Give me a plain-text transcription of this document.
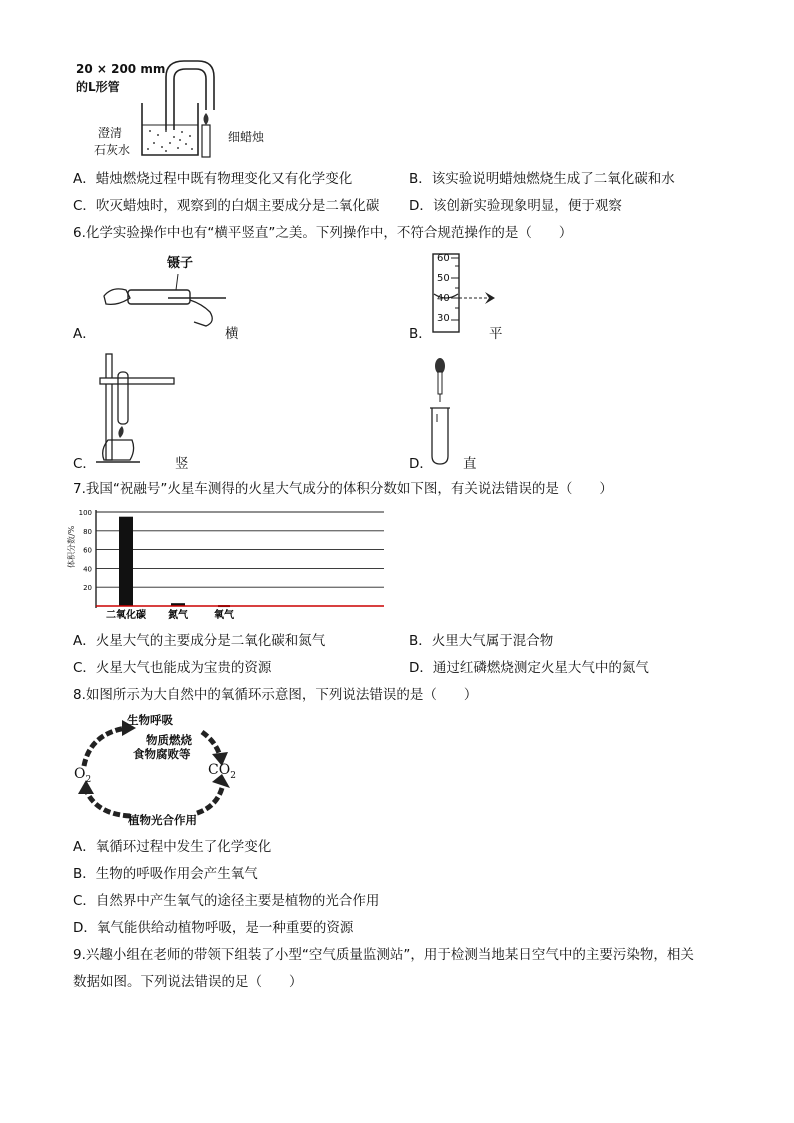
20 × 200 mm
的L形管
澄清
石灰水
细蜡烛
A．蜡烛燃烧过程中既有物理变化又有化学变化	B．该实验说明蜡烛燃烧生成了二氧化碳和水
C．吹灭蜡烛时，观察到的白烟主要成分是二氧化碳 D．该创新实验现象明显，便于观察
6.化学实验操作中也有“横平竖直”之美。下列操作中，不符合规范操作的是（　　）
镊子
A．	横
60
50
40
30
B．	平
C．	竖	D． 直
7.我国“祝融号”火星车测得的火星大气成分的体积分数如下图，有关说法错误的是（　　）
体积分数/%
100
80
60
40
20
二氧化碳 氮气	氧气
A．火星大气的主要成分是二氧化碳和氮气	B．火里大气属于混合物
C．火星大气也能成为宝贵的资源	D．通过红磷燃烧测定火星大气中的氮气
8.如图所示为大自然中的氧循环示意图，下列说法错误的是（　　）
生物呼吸
物质燃烧
食物腐败等
$O_2$
$CO_2$
植物光合作用
A．氧循环过程中发生了化学变化
B．生物的呼吸作用会产生氧气
C．自然界中产生氧气的途径主要是植物的光合作用
D．氧气能供给动植物呼吸，是一种重要的资源
9.兴趣小组在老师的带领下组装了小型“空气质量监测站”，用于检测当地某日空气中的主要污染物，相关
数据如图。下列说法错误的足（　　）
